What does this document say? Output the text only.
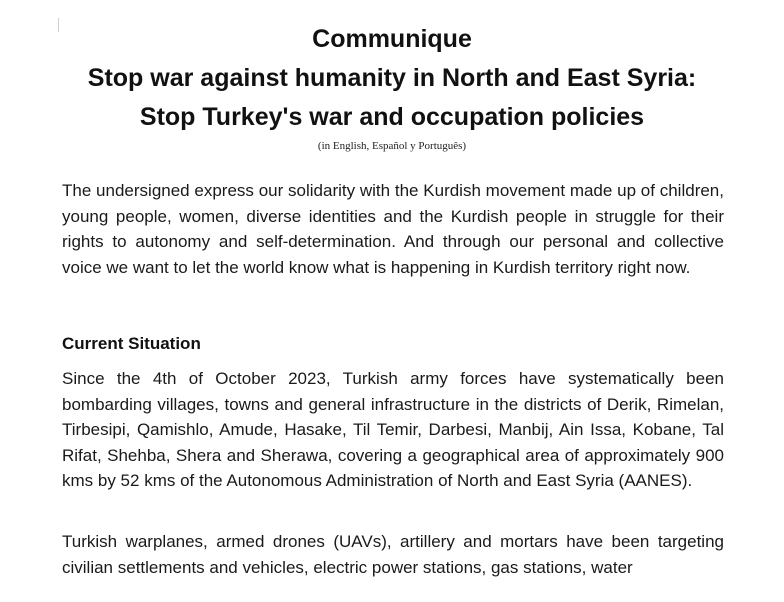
Communique
Stop war against humanity in North and East Syria:
Stop Turkey's war and occupation policies
(in English, Español y Português)

The undersigned express our solidarity with the Kurdish movement made up of children, young people, women, diverse identities and the Kurdish people in struggle for their rights to autonomy and self-determination. And through our personal and collective voice we want to let the world know what is happening in Kurdish territory right now.

Current Situation

Since the 4th of October 2023, Turkish army forces have systematically been bombarding villages, towns and general infrastructure in the districts of Derik, Rimelan, Tirbesipi, Qamishlo, Amude, Hasake, Til Temir, Darbesi, Manbij, Ain Issa, Kobane, Tal Rifat, Shehba, Shera and Sherawa, covering a geographical area of approximately 900 kms by 52 kms of the Autonomous Administration of North and East Syria (AANES).

Turkish warplanes, armed drones (UAVs), artillery and mortars have been targeting civilian settlements and vehicles, electric power stations, gas stations, water
